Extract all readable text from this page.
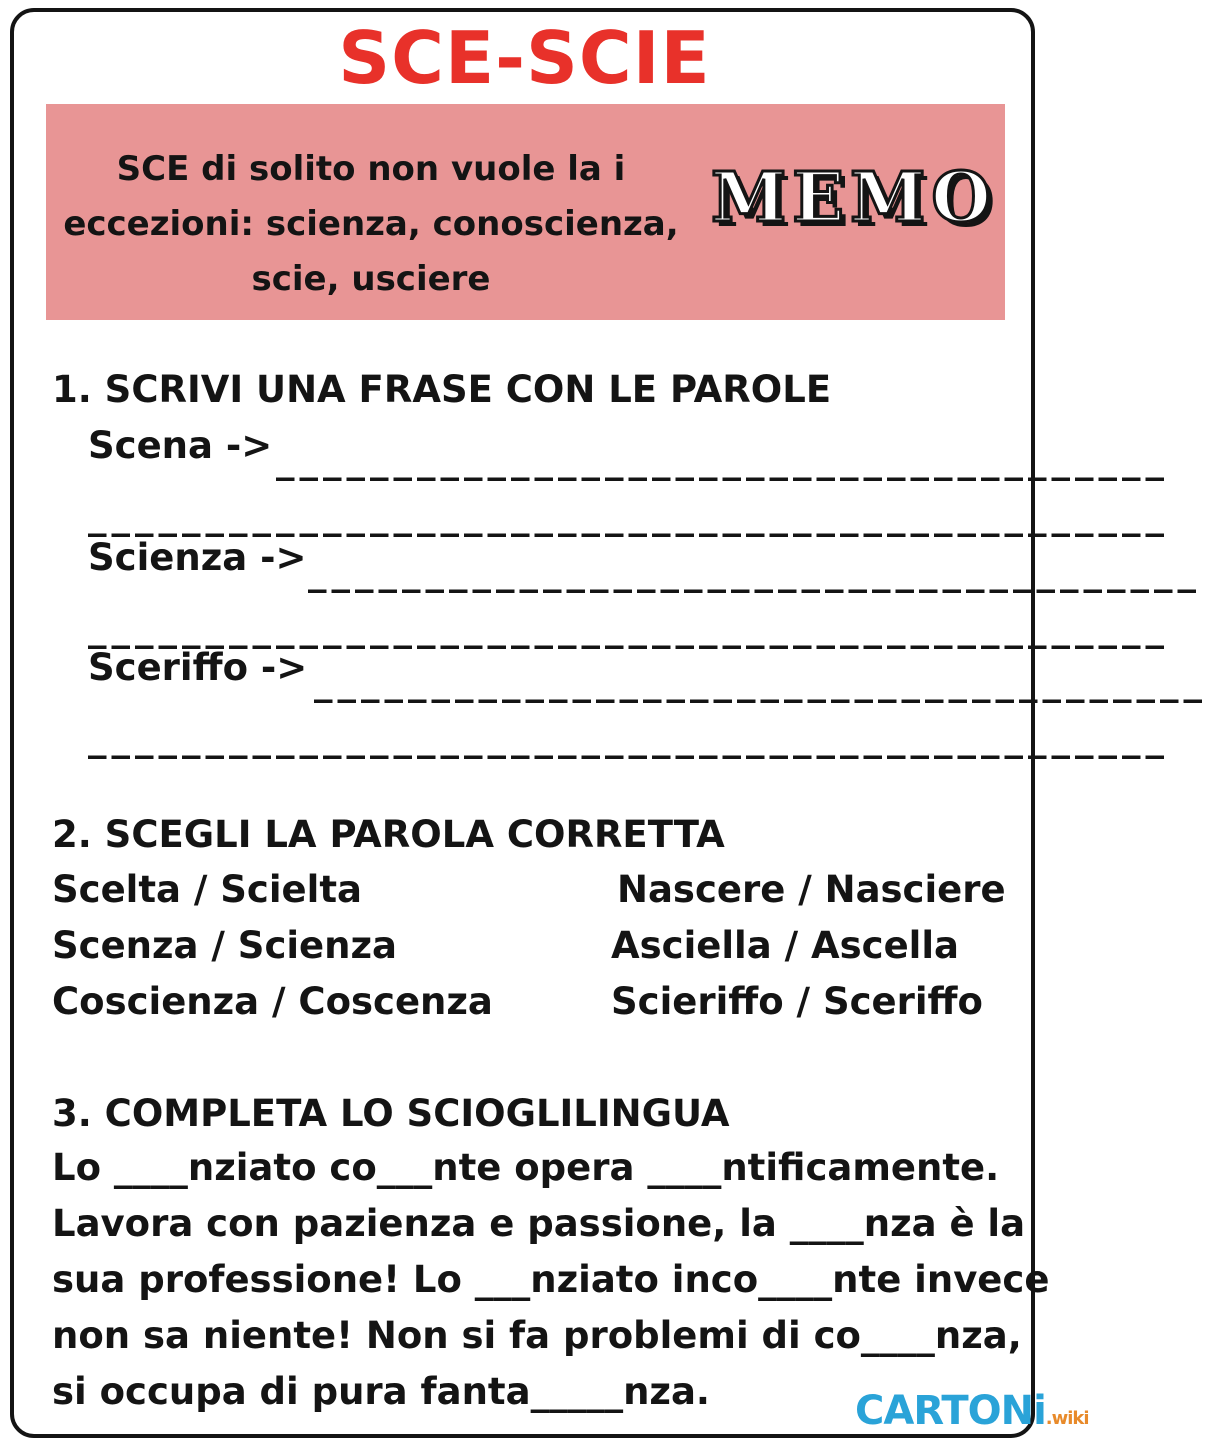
SCE-SCIE
SCE di solito non vuole la i
eccezioni: scienza, conoscienza,
scie, usciere
MEMO
1. SCRIVI UNA FRASE CON LE PAROLE
Scena -> ______________________________________
______________________________________________
Scienza -> ______________________________________
______________________________________________
Sceriffo -> ______________________________________
______________________________________________
2. SCEGLI LA PAROLA CORRETTA
Scelta / Scielta
Scenza / Scienza
Coscienza / Coscenza
Nascere / Nasciere
Asciella / Ascella
Scieriffo / Sceriffo
3. COMPLETA LO SCIOGLILINGUA
Lo ____nziato co___nte opera ____ntificamente.
Lavora con pazienza e passione, la ____nza è la
sua professione! Lo ___nziato inco____nte invece
non sa niente! Non si fa problemi di co____nza,
si occupa di pura fanta_____nza.	CARTONi.wiki
